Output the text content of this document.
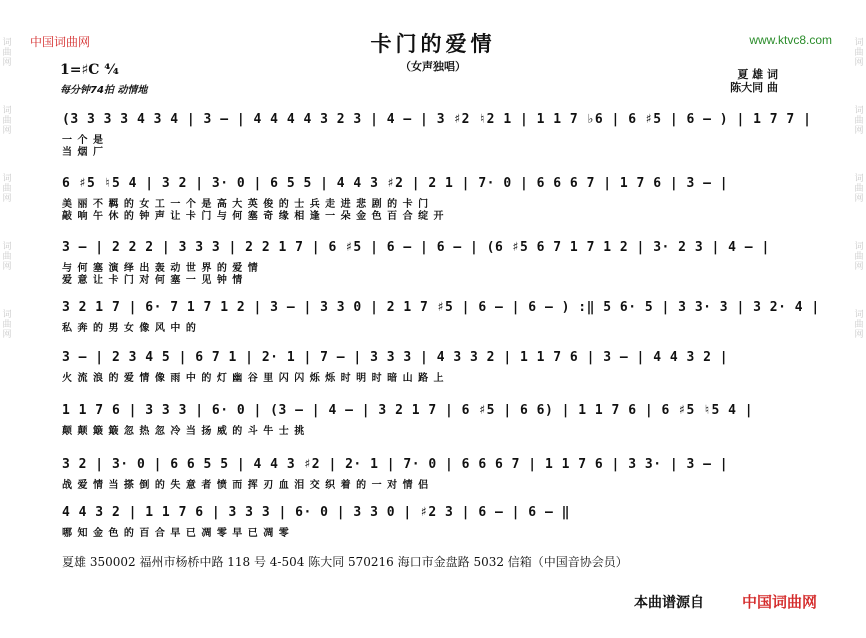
词
曲
网
词
曲
网
词
曲
网
词
曲
网
词
曲
网
词
曲
网
词
曲
网
词
曲
网
词
曲
网
词
曲
网
中国词曲网	www.ktvc8.com
卡门的爱情
（女声独唱）
1=♯C ⁴⁄₄
每分钟74拍 动情地
夏 雄 词
陈大同 曲
(3 3 3 3 4 3 4 | 3 – | 4 4 4 4 3 2 3 | 4 – | 3 ♯2 ♮2 1 | 1 1 7 ♭6 | 6 ♯5 | 6 – ) | 1 7 7 |
一 个 是
当 烟 厂
6 ♯5 ♮5 4 | 3 2 | 3· 0 | 6 5 5 | 4 4 3 ♯2 | 2 1 | 7· 0 | 6 6 6 7 | 1 7 6 | 3 – |
美 丽 不 羁 的 女 工 一 个 是 高 大 英 俊 的 士 兵 走 进 悲 剧 的 卡 门
敲 响 午 休 的 钟 声 让 卡 门 与 何 塞 奇 缘 相 逢 一 朵 金 色 百 合 绽 开
3 – | 2 2 2 | 3 3 3 | 2 2 1 7 | 6 ♯5 | 6 – | 6 – | (6 ♯5 6 7 1 7 1 2 | 3· 2 3 | 4 – |
与 何 塞 演 绎 出 轰 动 世 界 的 爱 情
爱 意 让 卡 门 对 何 塞 一 见 钟 情
3 2 1 7 | 6· 7 1 7 1 2 | 3 – | 3 3 0 | 2 1 7 ♯5 | 6 – | 6 – ) :‖ 5 6· 5 | 3 3· 3 | 3 2· 4 |
私 奔 的 男 女 像 风 中 的
3 – | 2 3 4 5 | 6 7 1 | 2· 1 | 7 – | 3 3 3 | 4 3 3 2 | 1 1 7 6 | 3 – | 4 4 3 2 |
火 流 浪 的 爱 情 像 雨 中 的 灯 幽 谷 里 闪 闪 烁 烁 时 明 时 暗 山 路 上
1 1 7 6 | 3 3 3 | 6· 0 | (3 – | 4 – | 3 2 1 7 | 6 ♯5 | 6 6) | 1 1 7 6 | 6 ♯5 ♮5 4 |
颠 颠 簸 簸 忽 热 忽 冷 当 扬 威 的 斗 牛 士 挑
3 2 | 3· 0 | 6 6 5 5 | 4 4 3 ♯2 | 2· 1 | 7· 0 | 6 6 6 7 | 1 1 7 6 | 3 3· | 3 – |
战 爱 情 当 搽 倒 的 失 意 者 愤 而 挥 刃 血 泪 交 织 着 的 一 对 情 侣
4 4 3 2 | 1 1 7 6 | 3 3 3 | 6· 0 | 3 3 0 | ♯2 3 | 6 – | 6 – ‖
哪 知 金 色 的 百 合 早 已 凋 零 早 已 凋 零
夏雄 350002 福州市杨桥中路 118 号 4-504 陈大同 570216 海口市金盘路 5032 信箱（中国音协会员）
本曲谱源自	中国词曲网
